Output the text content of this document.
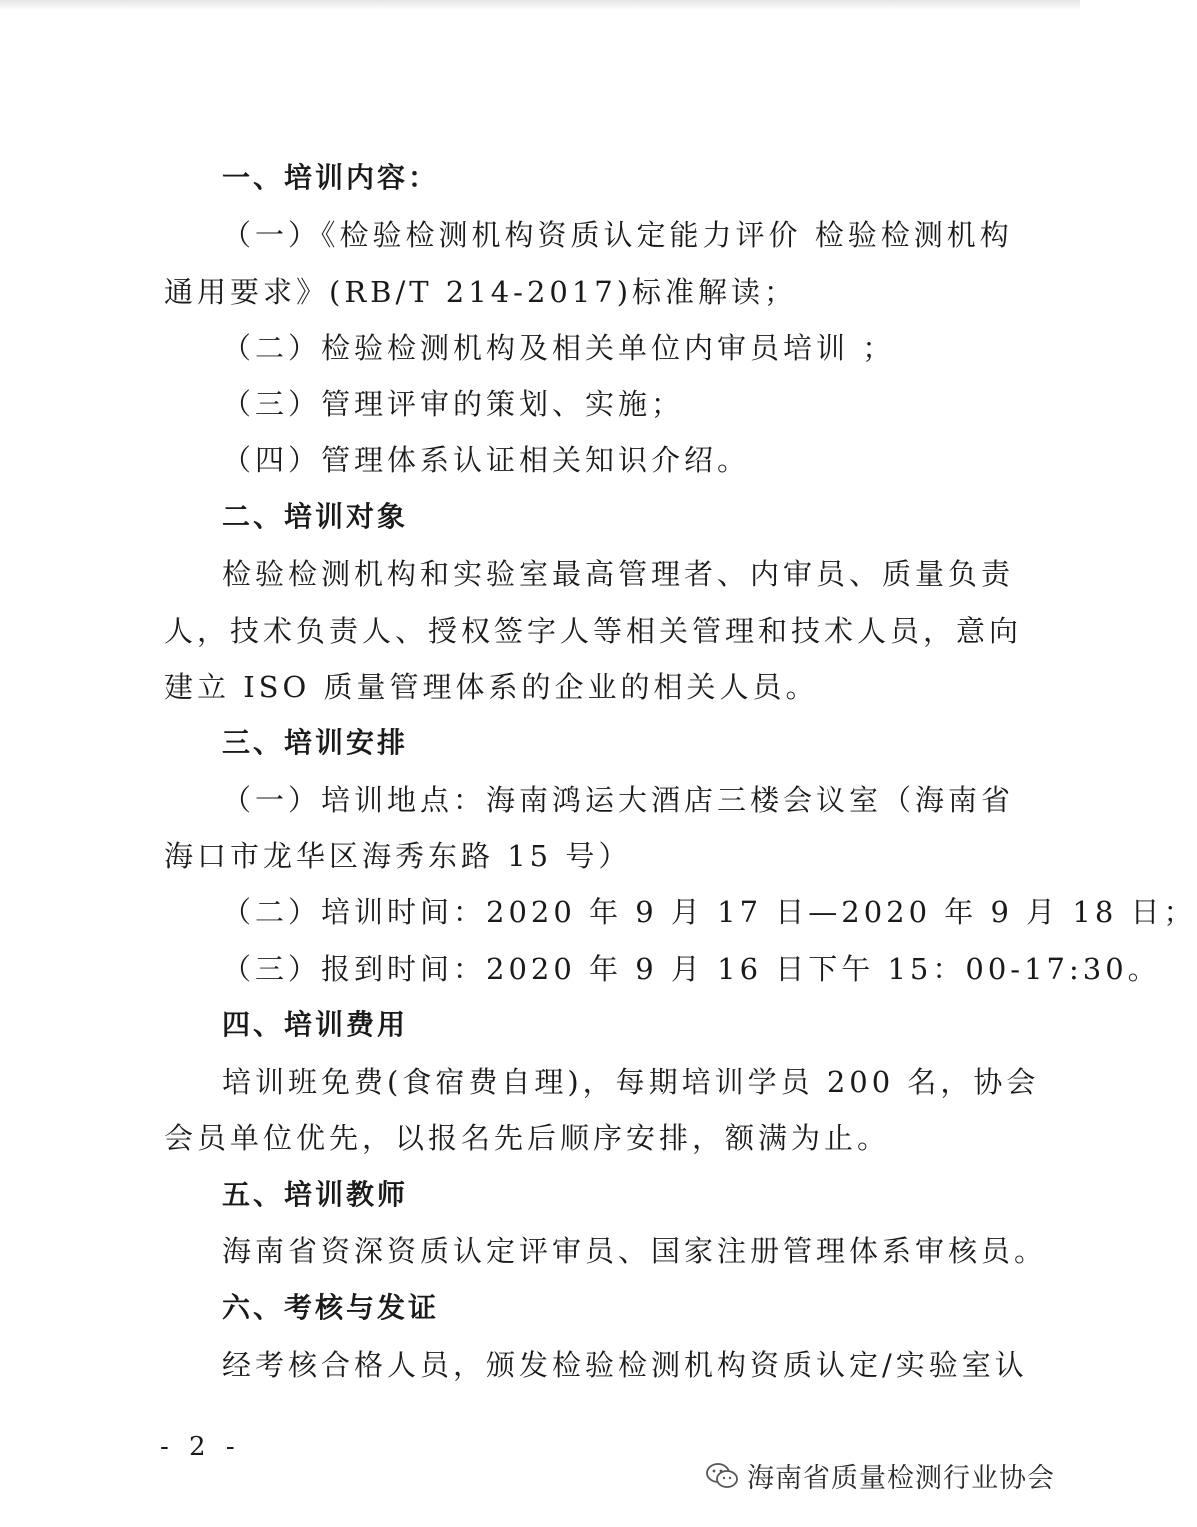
一、培训内容：
（一）《检验检测机构资质认定能力评价 检验检测机构
通用要求》(RB/T 214-2017)标准解读；
（二）检验检测机构及相关单位内审员培训 ；
（三）管理评审的策划、实施；
（四）管理体系认证相关知识介绍。
二、培训对象
检验检测机构和实验室最高管理者、内审员、质量负责
人，技术负责人、授权签字人等相关管理和技术人员，意向
建立 ISO 质量管理体系的企业的相关人员。
三、培训安排
（一）培训地点：海南鸿运大酒店三楼会议室（海南省
海口市龙华区海秀东路 15 号）
（二）培训时间：2020 年 9 月 17 日—2020 年 9 月 18 日；
（三）报到时间：2020 年 9 月 16 日下午 15：00-17:30。
四、培训费用
培训班免费(食宿费自理)，每期培训学员 200 名，协会
会员单位优先，以报名先后顺序安排，额满为止。
五、培训教师
海南省资深资质认定评审员、国家注册管理体系审核员。
六、考核与发证
经考核合格人员，颁发检验检测机构资质认定/实验室认
- 2 -
海南省质量检测行业协会
